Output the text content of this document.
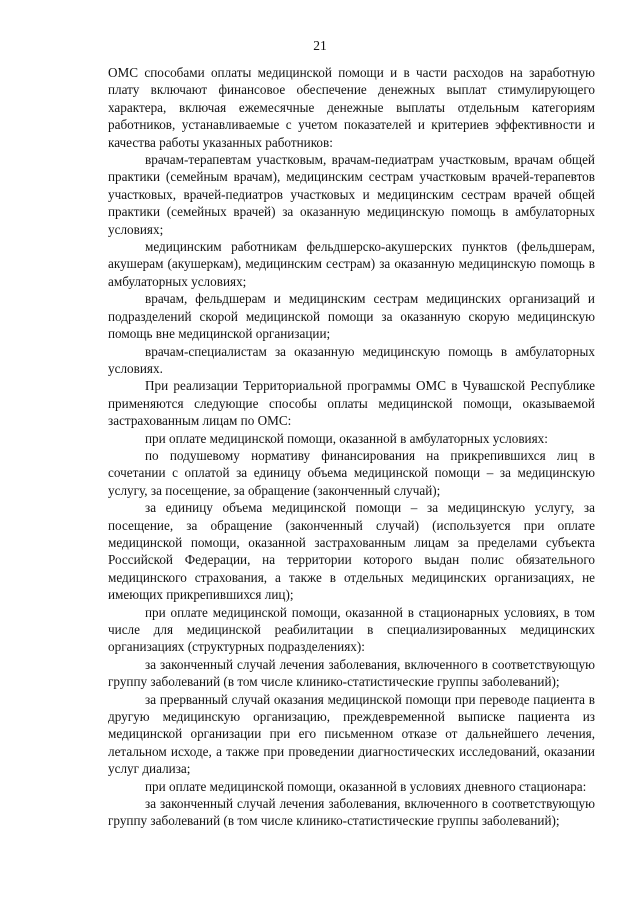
21

ОМС способами оплаты медицинской помощи и в части расходов на заработную плату включают финансовое обеспечение денежных выплат стимулирующего характера, включая ежемесячные денежные выплаты отдельным категориям работников, устанавливаемые с учетом показателей и критериев эффективности и качества работы указанных работников:

врачам-терапевтам участковым, врачам-педиатрам участковым, врачам общей практики (семейным врачам), медицинским сестрам участковым врачей-терапевтов участковых, врачей-педиатров участковых и медицинским сестрам врачей общей практики (семейных врачей) за оказанную медицинскую помощь в амбулаторных условиях;

медицинским работникам фельдшерско-акушерских пунктов (фельдшерам, акушерам (акушеркам), медицинским сестрам) за оказанную медицинскую помощь в амбулаторных условиях;

врачам, фельдшерам и медицинским сестрам медицинских организаций и подразделений скорой медицинской помощи за оказанную скорую медицинскую помощь вне медицинской организации;

врачам-специалистам за оказанную медицинскую помощь в амбулаторных условиях.

При реализации Территориальной программы ОМС в Чувашской Республике применяются следующие способы оплаты медицинской помощи, оказываемой застрахованным лицам по ОМС:

при оплате медицинской помощи, оказанной в амбулаторных условиях:

по подушевому нормативу финансирования на прикрепившихся лиц в сочетании с оплатой за единицу объема медицинской помощи – за медицинскую услугу, за посещение, за обращение (законченный случай);

за единицу объема медицинской помощи – за медицинскую услугу, за посещение, за обращение (законченный случай) (используется при оплате медицинской помощи, оказанной застрахованным лицам за пределами субъекта Российской Федерации, на территории которого выдан полис обязательного медицинского страхования, а также в отдельных медицинских организациях, не имеющих прикрепившихся лиц);

при оплате медицинской помощи, оказанной в стационарных условиях, в том числе для медицинской реабилитации в специализированных медицинских организациях (структурных подразделениях):

за законченный случай лечения заболевания, включенного в соответствующую группу заболеваний (в том числе клинико-статистические группы заболеваний);

за прерванный случай оказания медицинской помощи при переводе пациента в другую медицинскую организацию, преждевременной выписке пациента из медицинской организации при его письменном отказе от дальнейшего лечения, летальном исходе, а также при проведении диагностических исследований, оказании услуг диализа;

при оплате медицинской помощи, оказанной в условиях дневного стационара:

за законченный случай лечения заболевания, включенного в соответствующую группу заболеваний (в том числе клинико-статистические группы заболеваний);
